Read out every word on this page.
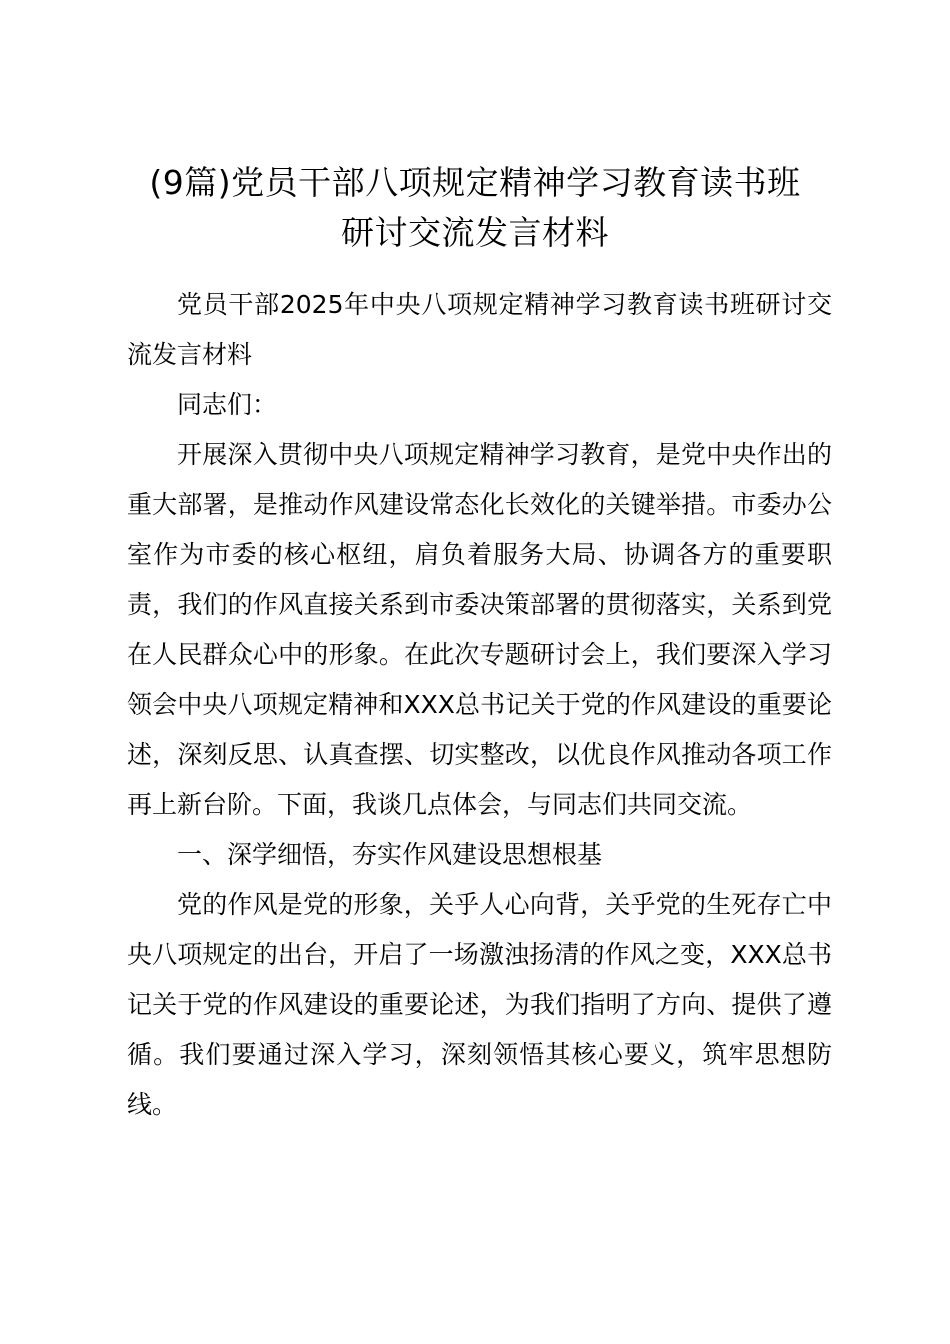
(9篇)党员干部八项规定精神学习教育读书班
研讨交流发言材料

党员干部2025年中央八项规定精神学习教育读书班研讨交流发言材料

同志们：

开展深入贯彻中央八项规定精神学习教育，是党中央作出的重大部署，是推动作风建设常态化长效化的关键举措。市委办公室作为市委的核心枢纽，肩负着服务大局、协调各方的重要职责，我们的作风直接关系到市委决策部署的贯彻落实，关系到党在人民群众心中的形象。在此次专题研讨会上，我们要深入学习领会中央八项规定精神和XXX总书记关于党的作风建设的重要论述，深刻反思、认真查摆、切实整改，以优良作风推动各项工作再上新台阶。下面，我谈几点体会，与同志们共同交流。

一、深学细悟，夯实作风建设思想根基

党的作风是党的形象，关乎人心向背，关乎党的生死存亡中央八项规定的出台，开启了一场激浊扬清的作风之变，XXX总书记关于党的作风建设的重要论述，为我们指明了方向、提供了遵循。我们要通过深入学习，深刻领悟其核心要义，筑牢思想防线。
